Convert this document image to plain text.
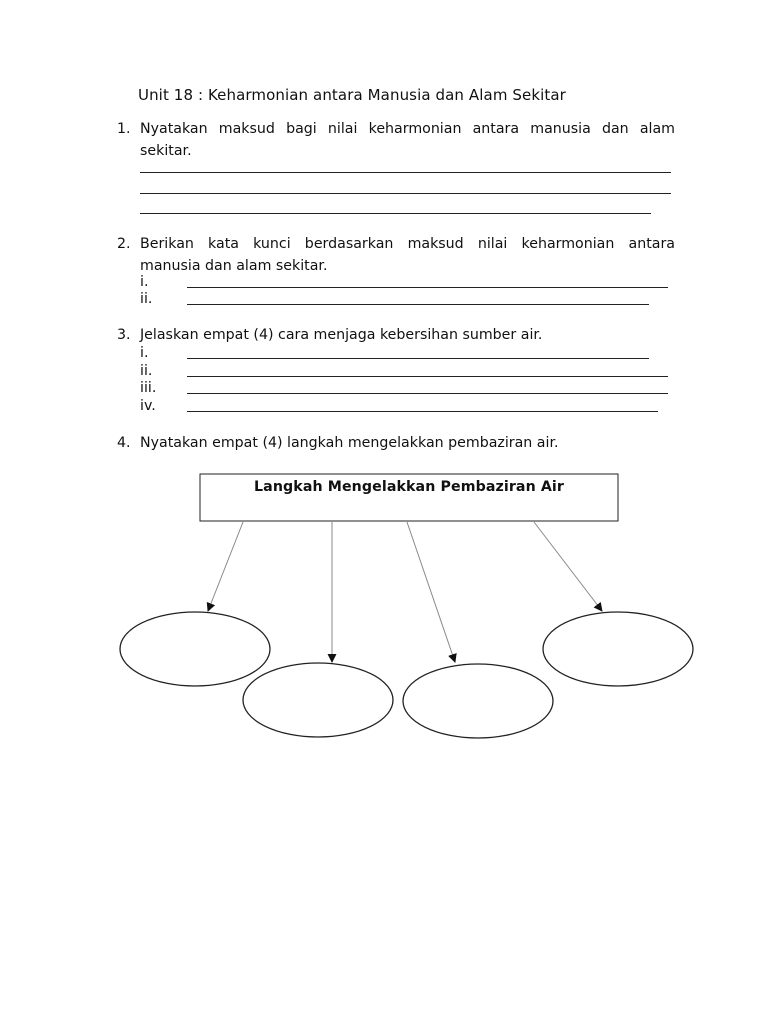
Unit 18 : Keharmonian antara Manusia dan Alam Sekitar
1. Nyatakan maksud bagi nilai keharmonian antara manusia dan alam
sekitar.
2. Berikan kata kunci berdasarkan maksud nilai keharmonian antara
manusia dan alam sekitar.
i.
ii.
3. Jelaskan empat (4) cara menjaga kebersihan sumber air.
i.
ii.
iii.
iv.
4. Nyatakan empat (4) langkah mengelakkan pembaziran air.
Langkah Mengelakkan Pembaziran Air
